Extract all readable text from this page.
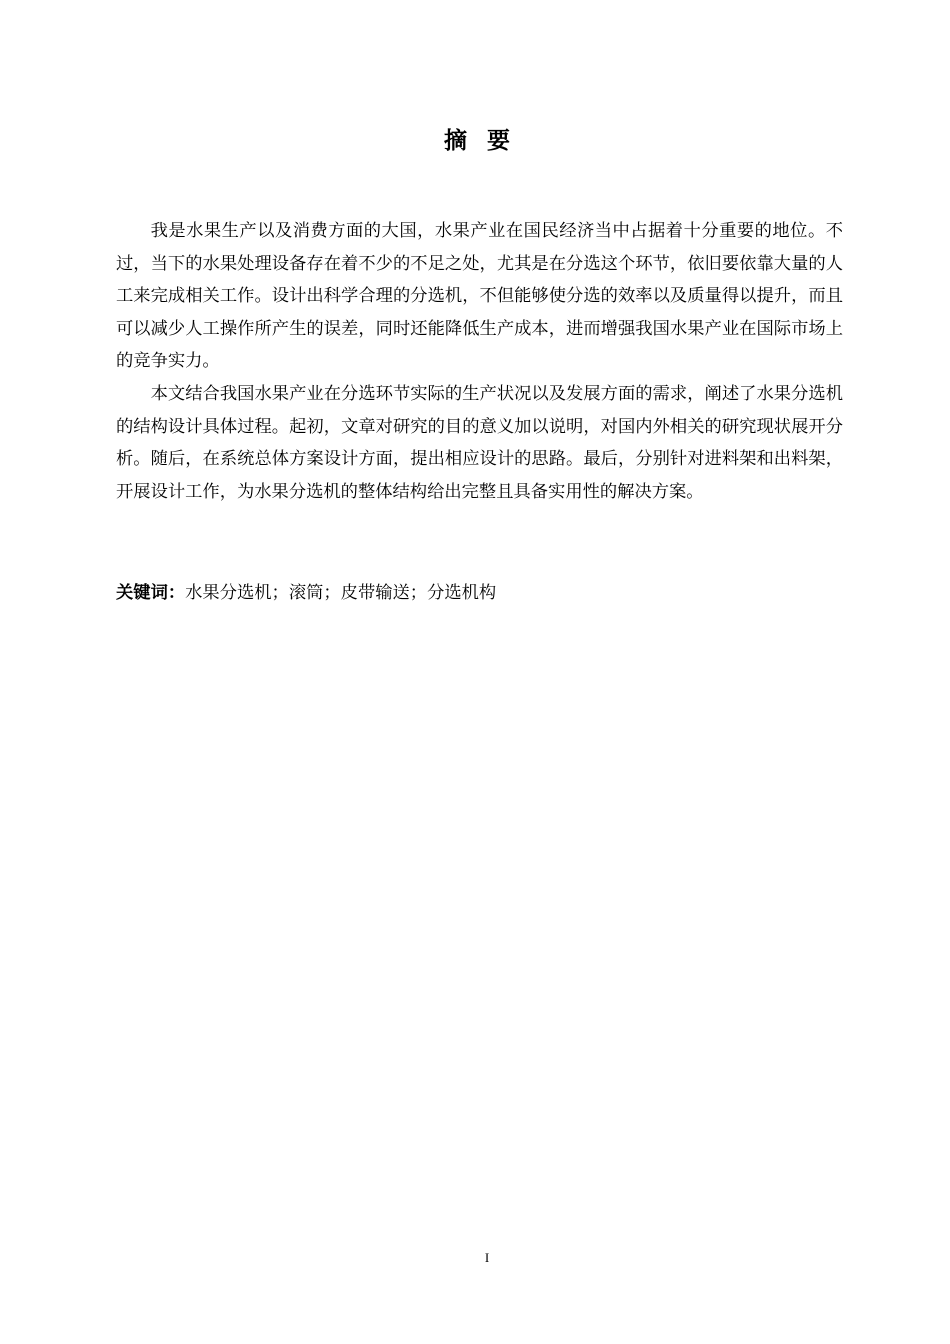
摘要

我是水果生产以及消费方面的大国，水果产业在国民经济当中占据着十分重要的地位。不过，当下的水果处理设备存在着不少的不足之处，尤其是在分选这个环节，依旧要依靠大量的人工来完成相关工作。设计出科学合理的分选机，不但能够使分选的效率以及质量得以提升，而且可以减少人工操作所产生的误差，同时还能降低生产成本，进而增强我国水果产业在国际市场上的竞争实力。

本文结合我国水果产业在分选环节实际的生产状况以及发展方面的需求，阐述了水果分选机的结构设计具体过程。起初，文章对研究的目的意义加以说明，对国内外相关的研究现状展开分析。随后，在系统总体方案设计方面，提出相应设计的思路。最后，分别针对进料架和出料架，开展设计工作，为水果分选机的整体结构给出完整且具备实用性的解决方案。

关键词：水果分选机；滚筒；皮带输送；分选机构
I
